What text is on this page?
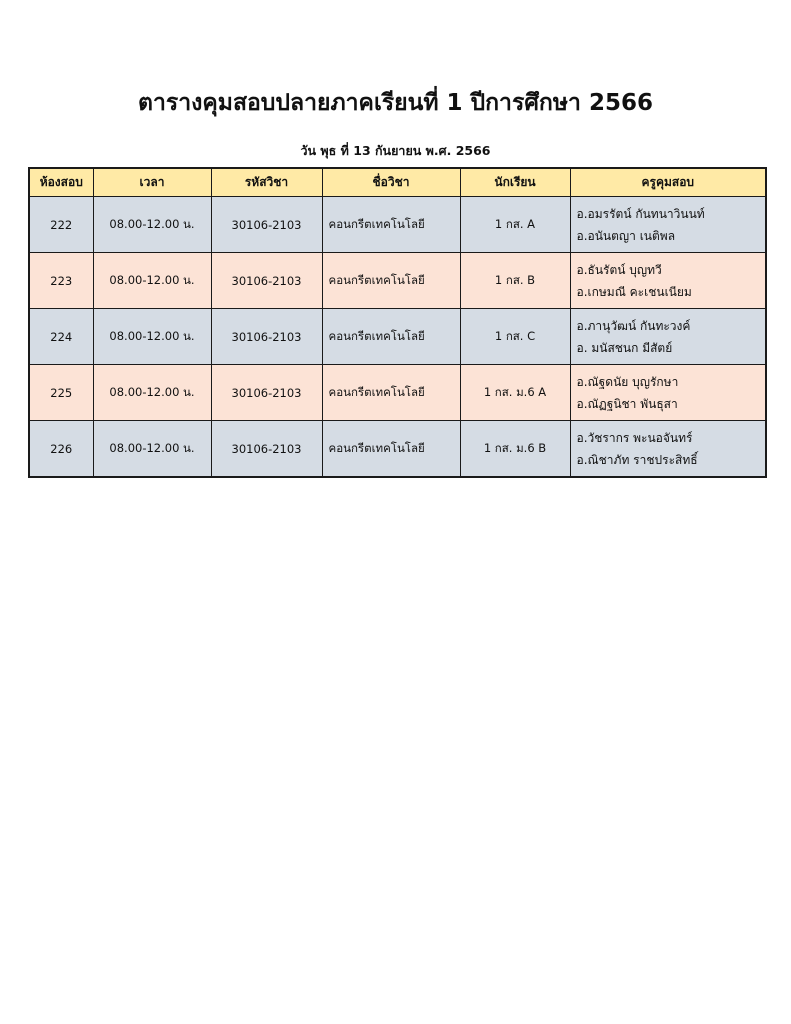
ตารางคุมสอบปลายภาคเรียนที่ 1 ปีการศึกษา 2566
วัน พุธ ที่ 13 กันยายน พ.ศ. 2566
ห้องสอบ	เวลา	รหัสวิชา	ชื่อวิชา	นักเรียน	ครูคุมสอบ
222	08.00-12.00 น.	30106-2103	คอนกรีตเทคโนโลยี	1 กส. A	อ.อมรรัตน์ กันทนาวินนท์
อ.อนันตญา เนติพล

223	08.00-12.00 น.	30106-2103	คอนกรีตเทคโนโลยี	1 กส. B	อ.ธันรัตน์ บุญทวี
อ.เกษมณี คะเชนเนียม

224	08.00-12.00 น.	30106-2103	คอนกรีตเทคโนโลยี	1 กส. C	อ.ภานุวัฒน์ กันทะวงค์
อ. มนัสชนก มีสัตย์

225	08.00-12.00 น.	30106-2103	คอนกรีตเทคโนโลยี	1 กส. ม.6 A	อ.ณัฐดนัย บุญรักษา
อ.ณัฏฐนิชา พันธุสา

226	08.00-12.00 น.	30106-2103	คอนกรีตเทคโนโลยี	1 กส. ม.6 B	อ.วัชรากร พะนอจันทร์
อ.ณิชาภัท ราชประสิทธิ์
